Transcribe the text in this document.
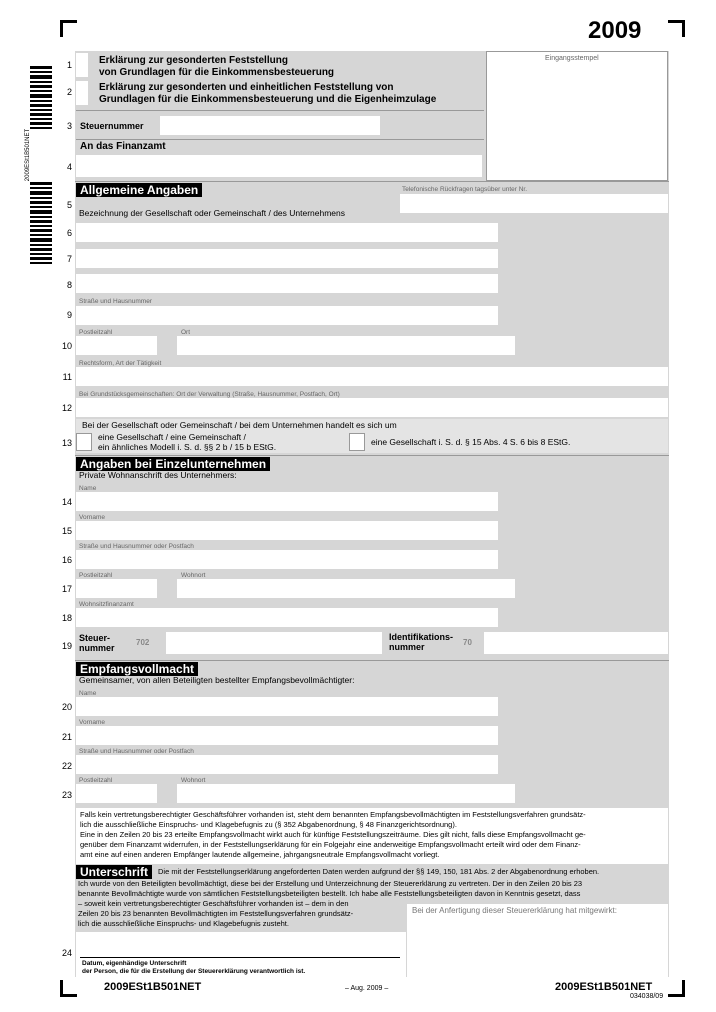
2009
2009ESt1B501NET
Erklärung zur gesonderten Feststellung
von Grundlagen für die Einkommensbesteuerung
Erklärung zur gesonderten und einheitlichen Feststellung von
Grundlagen für die Einkommensbesteuerung und die Eigenheimzulage
Eingangsstempel
Steuernummer
An das Finanzamt
1
2
3
4
5
6
7
8
9
10
11
12
13
14
15
16
17
18
19
20
21
22
23
24
Allgemeine Angaben	Telefonische Rückfragen tagsüber unter Nr.
Bezeichnung der Gesellschaft oder Gemeinschaft / des Unternehmens
Straße und Hausnummer
Postleitzahl	Ort
Rechtsform, Art der Tätigkeit
Bei Grundstücksgemeinschaften: Ort der Verwaltung (Straße, Hausnummer, Postfach, Ort)
Bei der Gesellschaft oder Gemeinschaft / bei dem Unternehmen handelt es sich um
eine Gesellschaft / eine Gemeinschaft /
ein ähnliches Modell i. S. d. §§ 2 b / 15 b EStG.	eine Gesellschaft i. S. d. § 15 Abs. 4 S. 6 bis 8 EStG.
Angaben bei Einzelunternehmen
Private Wohnanschrift des Unternehmers:
Name
Vorname
Straße und Hausnummer oder Postfach
Postleitzahl	Wohnort
Wohnsitzfinanzamt
Steuer-
nummer
702
Identifikations-
nummer	70
Empfangsvollmacht
Gemeinsamer, von allen Beteiligten bestellter Empfangsbevollmächtigter:
Name
Vorname
Straße und Hausnummer oder Postfach
Postleitzahl	Wohnort
Falls kein vertretungsberechtigter Geschäftsführer vorhanden ist, steht dem benannten Empfangsbevollmächtigten im Feststellungsverfahren grundsätz-
lich die ausschließliche Einspruchs- und Klagebefugnis zu (§ 352 Abgabenordnung, § 48 Finanzgerichtsordnung).
Eine in den Zeilen 20 bis 23 erteilte Empfangsvollmacht wirkt auch für künftige Feststellungszeiträume. Dies gilt nicht, falls diese Empfangsvollmacht ge-
genüber dem Finanzamt widerrufen, in der Feststellungserklärung für ein Folgejahr eine anderweitige Empfangsvollmacht erteilt wird oder dem Finanz-
amt eine auf einen anderen Empfänger lautende allgemeine, jahrgangsneutrale Empfangsvollmacht vorliegt.
Unterschrift	Die mit der Feststellungserklärung angeforderten Daten werden aufgrund der §§ 149, 150, 181 Abs. 2 der Abgabenordnung erhoben.
Ich wurde von den Beteiligten bevollmächtigt, diese bei der Erstellung und Unterzeichnung der Steuererklärung zu vertreten. Der in den Zeilen 20 bis 23
benannte Bevollmächtigte wurde von sämtlichen Feststellungsbeteiligten bestellt. Ich habe alle Feststellungsbeteiligten davon in Kenntnis gesetzt, dass
– soweit kein vertretungsberechtigter Geschäftsführer vorhanden ist – dem in den
Zeilen 20 bis 23 benannten Bevollmächtigten im Feststellungsverfahren grundsätz-
lich die ausschließliche Einspruchs- und Klagebefugnis zusteht.
Bei der Anfertigung dieser Steuererklärung hat mitgewirkt:
Datum, eigenhändige Unterschrift
der Person, die für die Erstellung der Steuererklärung verantwortlich ist.
2009ESt1B501NET	– Aug. 2009 –	2009ESt1B501NET
034038/09
